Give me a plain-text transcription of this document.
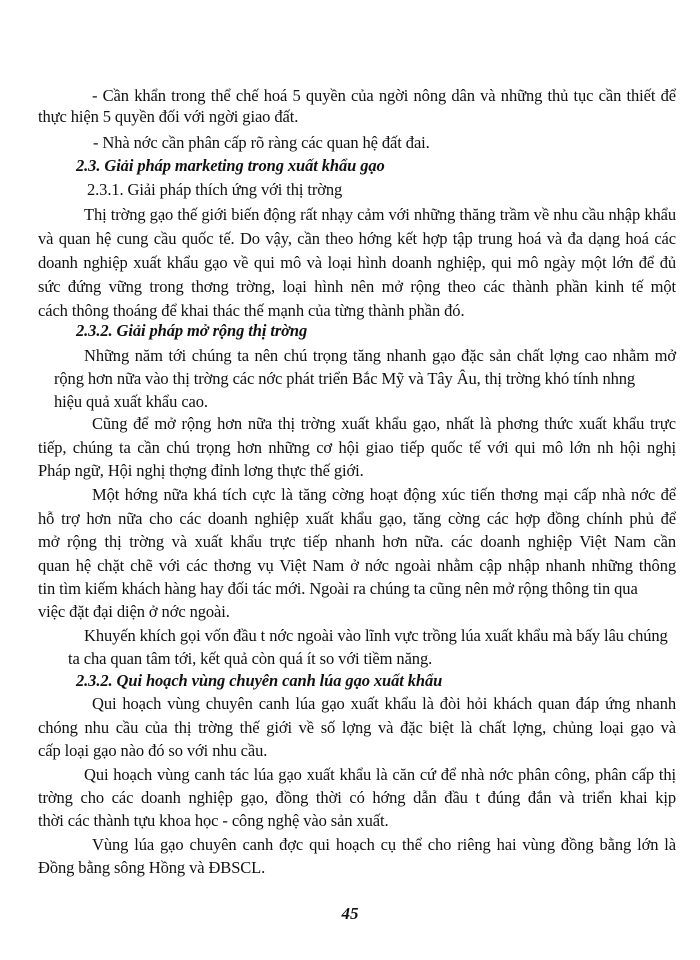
- Cần khẩn trong thể chế hoá 5 quyền của ngời nông dân và những thủ tục cần thiết để
thực hiện 5 quyền đối với ngời giao đất.
- Nhà nớc cần phân cấp rõ ràng các quan hệ đất đai.
2.3. Giải pháp marketing trong xuất khẩu gạo
2.3.1. Giải pháp thích ứng với thị trờng
Thị trờng gạo thế giới biến động rất nhạy cảm với những thăng trầm về nhu cầu nhập khẩu
và quan hệ cung cầu quốc tế. Do vậy, cần theo hớng kết hợp tập trung hoá và đa dạng hoá các
doanh nghiệp xuất khẩu gạo về qui mô và loại hình doanh nghiệp, qui mô ngày một lớn để đủ
sức đứng vững trong thơng trờng, loại hình nên mở rộng theo các thành phần kinh tế một
cách thông thoáng để khai thác thế mạnh của từng thành phần đó.
2.3.2. Giải pháp mở rộng thị trờng
Những năm tới chúng ta nên chú trọng tăng nhanh gạo đặc sản chất lợng cao nhằm mở
rộng hơn nữa vào thị trờng các nớc phát triển Bắc Mỹ và Tây Âu, thị trờng khó tính nhng
hiệu quả xuất khẩu cao.
Cũng để mở rộng hơn nữa thị trờng xuất khẩu gạo, nhất là phơng thức xuất khẩu trực
tiếp, chúng ta cần chú trọng hơn những cơ hội giao tiếp quốc tế với qui mô lớn nh hội nghị
Pháp ngữ, Hội nghị thợng đỉnh lơng thực thế giới.
Một hớng nữa khá tích cực là tăng cờng hoạt động xúc tiến thơng mại cấp nhà nớc để
hỗ trợ hơn nữa cho các doanh nghiệp xuất khẩu gạo, tăng cờng các hợp đồng chính phủ để
mở rộng thị trờng và xuất khẩu trực tiếp nhanh hơn nữa. các doanh nghiệp Việt Nam cần
quan hệ chặt chẽ với các thơng vụ Việt Nam ở nớc ngoài nhằm cập nhập nhanh những thông
tin tìm kiếm khách hàng hay đối tác mới. Ngoài ra chúng ta cũng nên mở rộng thông tin qua
việc đặt đại diện ở nớc ngoài.
Khuyến khích gọi vốn đầu t nớc ngoài vào lĩnh vực trồng lúa xuất khẩu mà bấy lâu chúng
ta cha quan tâm tới, kết quả còn quá ít so với tiềm năng.
2.3.2. Qui hoạch vùng chuyên canh lúa gạo xuất khẩu
Qui hoạch vùng chuyên canh lúa gạo xuất khẩu là đòi hỏi khách quan đáp ứng nhanh
chóng nhu cầu của thị trờng thế giới về số lợng và đặc biệt là chất lợng, chủng loại gạo và
cấp loại gạo nào đó so với nhu cầu.
Qui hoạch vùng canh tác lúa gạo xuất khẩu là căn cứ để nhà nớc phân công, phân cấp thị
trờng cho các doanh nghiệp gạo, đồng thời có hớng dẫn đầu t đúng đắn và triển khai kịp
thời các thành tựu khoa học - công nghệ vào sản xuất.
Vùng lúa gạo chuyên canh đợc qui hoạch cụ thể cho riêng hai vùng đồng bằng lớn là
Đồng bằng sông Hồng và ĐBSCL.
45
